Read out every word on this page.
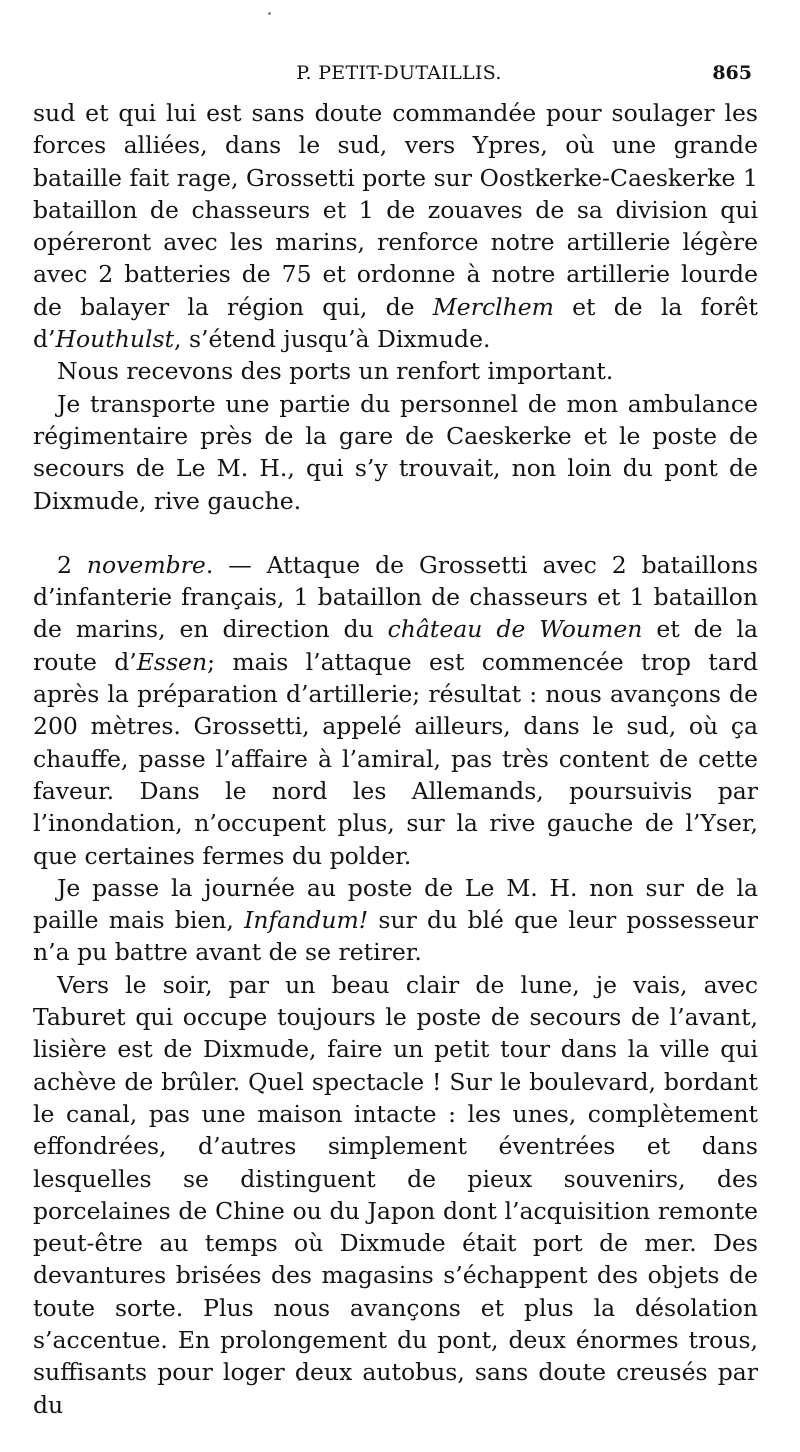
P. PETIT-DUTAILLIS.	865

sud et qui lui est sans doute commandée pour soulager les forces alliées, dans le sud, vers Ypres, où une grande bataille fait rage, Grossetti porte sur Oostkerke-Caeskerke 1 bataillon de chasseurs et 1 de zouaves de sa division qui opéreront avec les marins, renforce notre artillerie légère avec 2 batteries de 75 et ordonne à notre artillerie lourde de balayer la région qui, de Merclhem et de la forêt d’Houthulst, s’étend jusqu’à Dixmude.

Nous recevons des ports un renfort important.

Je transporte une partie du personnel de mon ambulance régimentaire près de la gare de Caeskerke et le poste de secours de Le M. H., qui s’y trouvait, non loin du pont de Dixmude, rive gauche.

2 novembre. — Attaque de Grossetti avec 2 bataillons d’infanterie français, 1 bataillon de chasseurs et 1 bataillon de marins, en direction du château de Woumen et de la route d’Essen; mais l’attaque est commencée trop tard après la préparation d’artillerie; résultat : nous avançons de 200 mètres. Grossetti, appelé ailleurs, dans le sud, où ça chauffe, passe l’affaire à l’amiral, pas très content de cette faveur. Dans le nord les Allemands, poursuivis par l’inondation, n’occupent plus, sur la rive gauche de l’Yser, que certaines fermes du polder.

Je passe la journée au poste de Le M. H. non sur de la paille mais bien, Infandum! sur du blé que leur possesseur n’a pu battre avant de se retirer.

Vers le soir, par un beau clair de lune, je vais, avec Taburet qui occupe toujours le poste de secours de l’avant, lisière est de Dixmude, faire un petit tour dans la ville qui achève de brûler. Quel spectacle ! Sur le boulevard, bordant le canal, pas une maison intacte : les unes, complètement effondrées, d’autres simplement éventrées et dans lesquelles se distinguent de pieux souvenirs, des porcelaines de Chine ou du Japon dont l’acquisition remonte peut-être au temps où Dixmude était port de mer. Des devantures brisées des magasins s’échappent des objets de toute sorte. Plus nous avançons et plus la désolation s’accentue. En prolongement du pont, deux énormes trous, suffisants pour loger deux autobus, sans doute creusés par du
